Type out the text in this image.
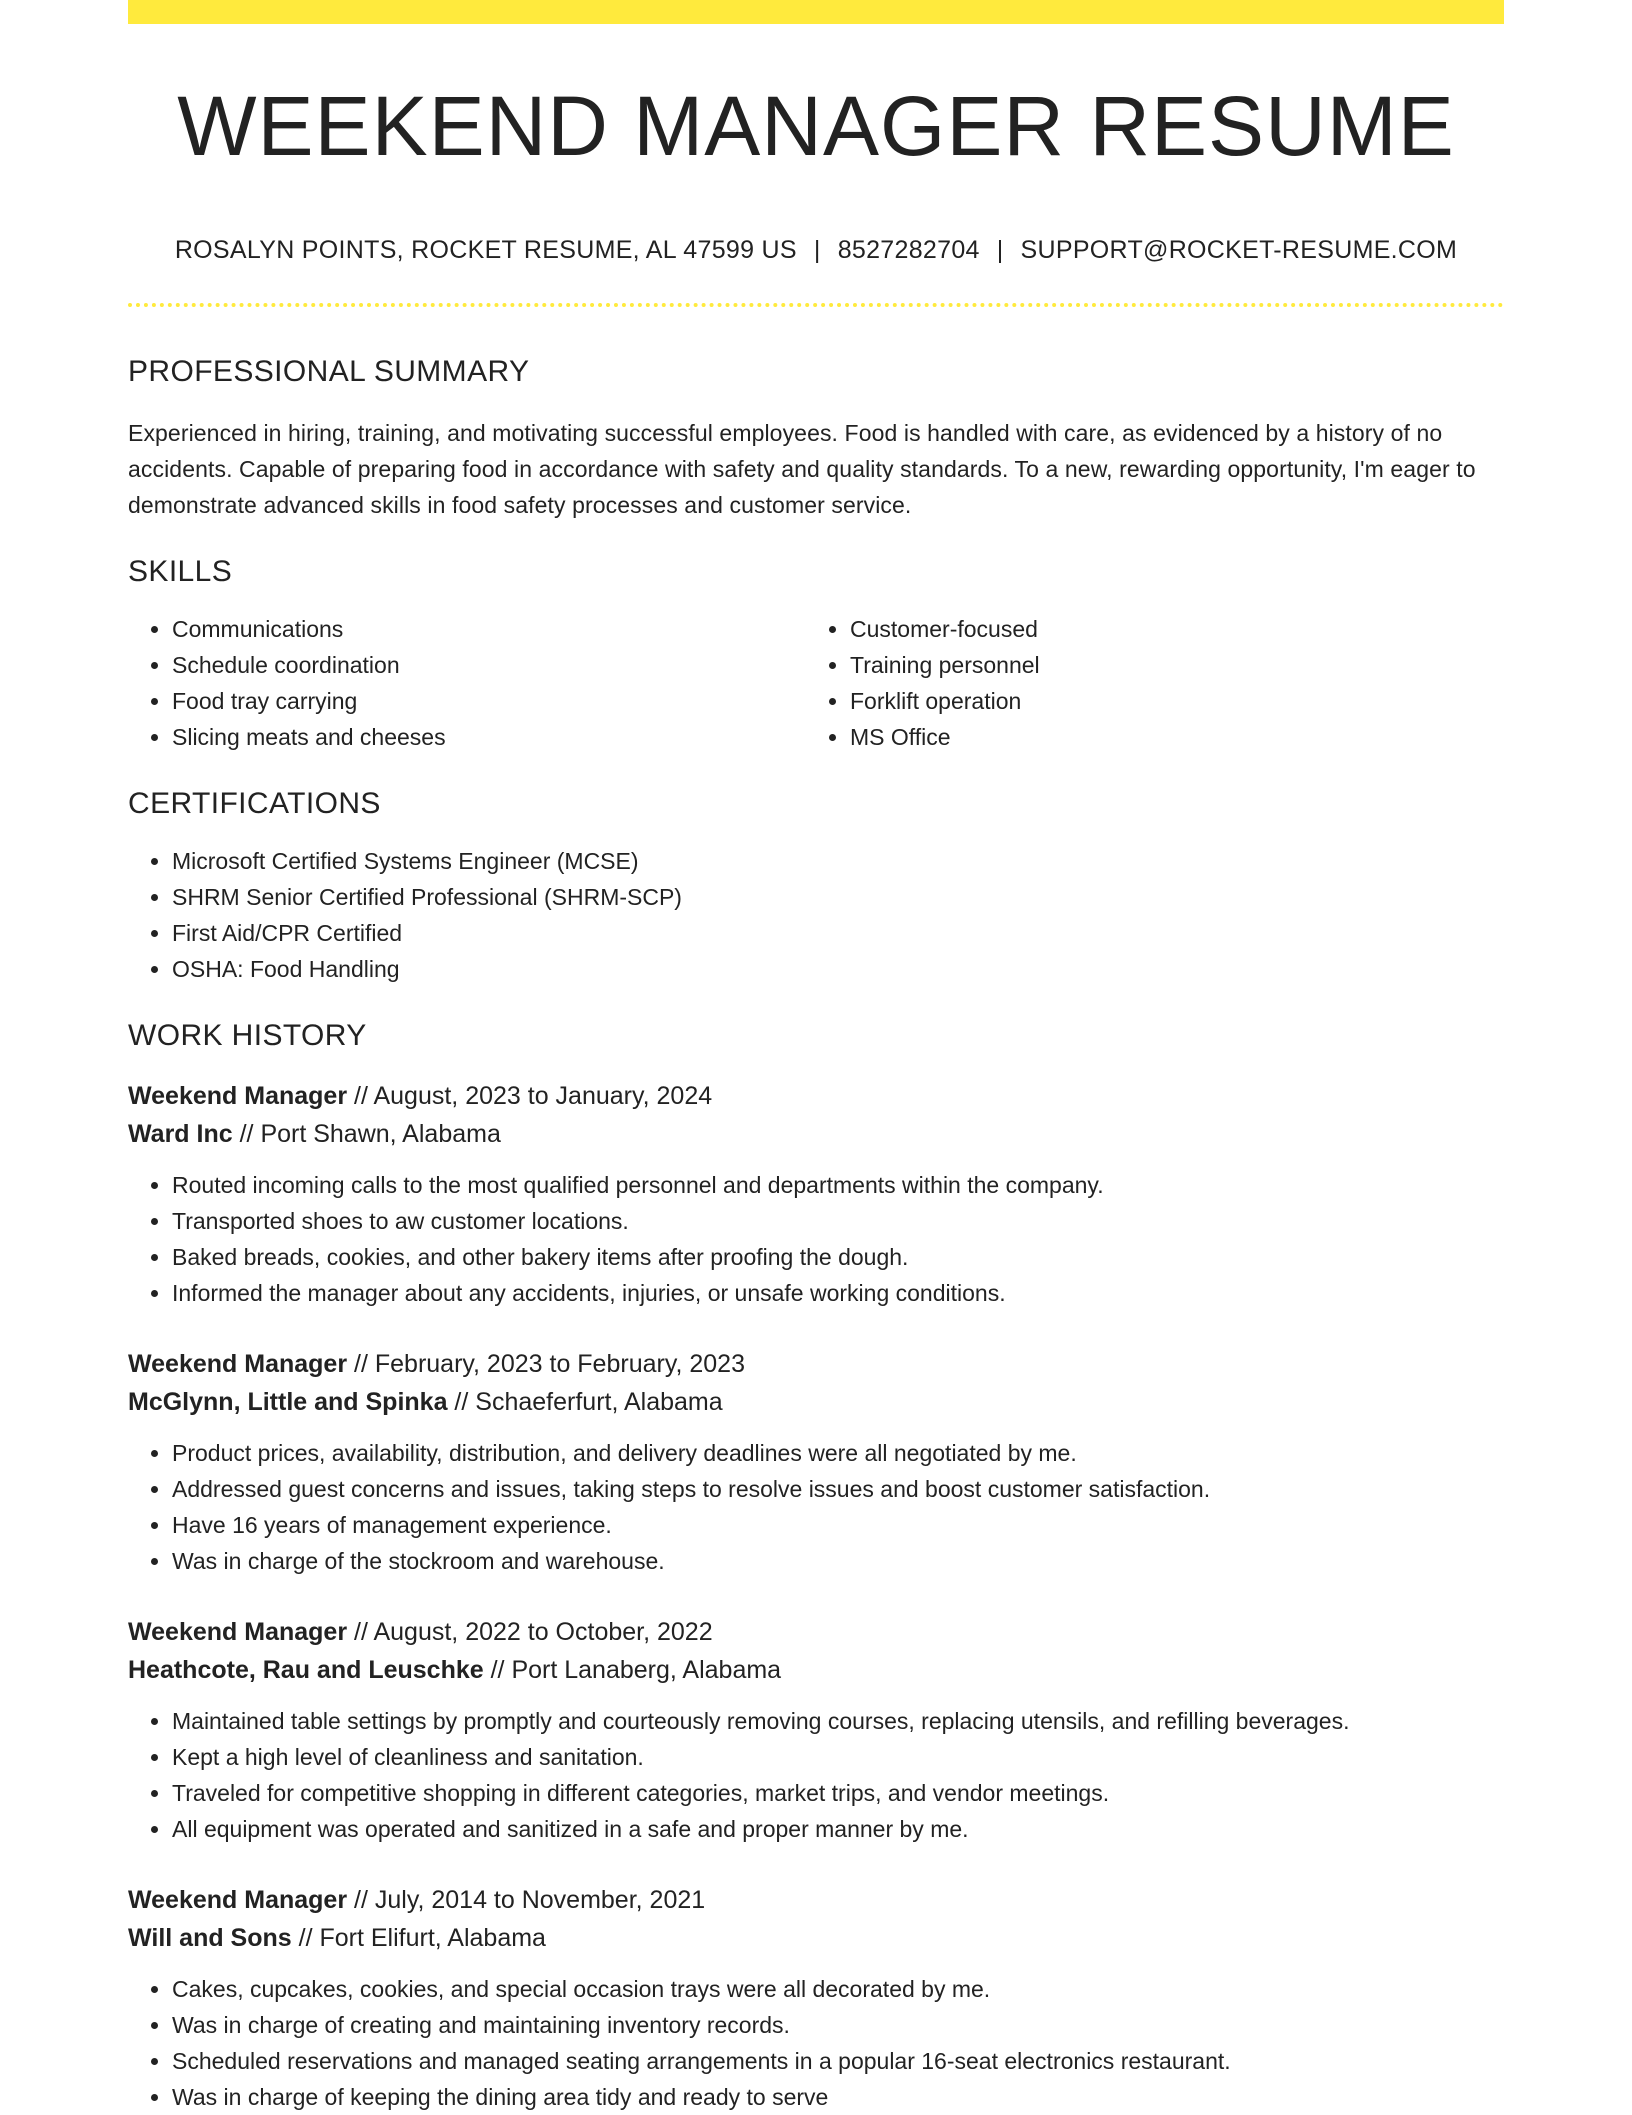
WEEKEND MANAGER RESUME
ROSALYN POINTS, ROCKET RESUME, AL 47599 US | 8527282704 | SUPPORT@ROCKET-RESUME.COM
PROFESSIONAL SUMMARY

Experienced in hiring, training, and motivating successful employees. Food is handled with care, as evidenced by a history of no accidents. Capable of preparing food in accordance with safety and quality standards. To a new, rewarding opportunity, I'm eager to demonstrate advanced skills in food safety processes and customer service.

SKILLS
• Communications
• Schedule coordination
• Food tray carrying
• Slicing meats and cheeses
• Customer-focused
• Training personnel
• Forklift operation
• MS Office
CERTIFICATIONS
• Microsoft Certified Systems Engineer (MCSE)
• SHRM Senior Certified Professional (SHRM-SCP)
• First Aid/CPR Certified
• OSHA: Food Handling
WORK HISTORY

Weekend Manager // August, 2023 to January, 2024

Ward Inc // Port Shawn, Alabama

• Routed incoming calls to the most qualified personnel and departments within the company.
• Transported shoes to aw customer locations.
• Baked breads, cookies, and other bakery items after proofing the dough.
• Informed the manager about any accidents, injuries, or unsafe working conditions.

Weekend Manager // February, 2023 to February, 2023

McGlynn, Little and Spinka // Schaeferfurt, Alabama

• Product prices, availability, distribution, and delivery deadlines were all negotiated by me.
• Addressed guest concerns and issues, taking steps to resolve issues and boost customer satisfaction.
• Have 16 years of management experience.
• Was in charge of the stockroom and warehouse.

Weekend Manager // August, 2022 to October, 2022

Heathcote, Rau and Leuschke // Port Lanaberg, Alabama

• Maintained table settings by promptly and courteously removing courses, replacing utensils, and refilling beverages.
• Kept a high level of cleanliness and sanitation.
• Traveled for competitive shopping in different categories, market trips, and vendor meetings.
• All equipment was operated and sanitized in a safe and proper manner by me.

Weekend Manager // July, 2014 to November, 2021

Will and Sons // Fort Elifurt, Alabama

• Cakes, cupcakes, cookies, and special occasion trays were all decorated by me.
• Was in charge of creating and maintaining inventory records.
• Scheduled reservations and managed seating arrangements in a popular 16-seat electronics restaurant.
• Was in charge of keeping the dining area tidy and ready to serve
